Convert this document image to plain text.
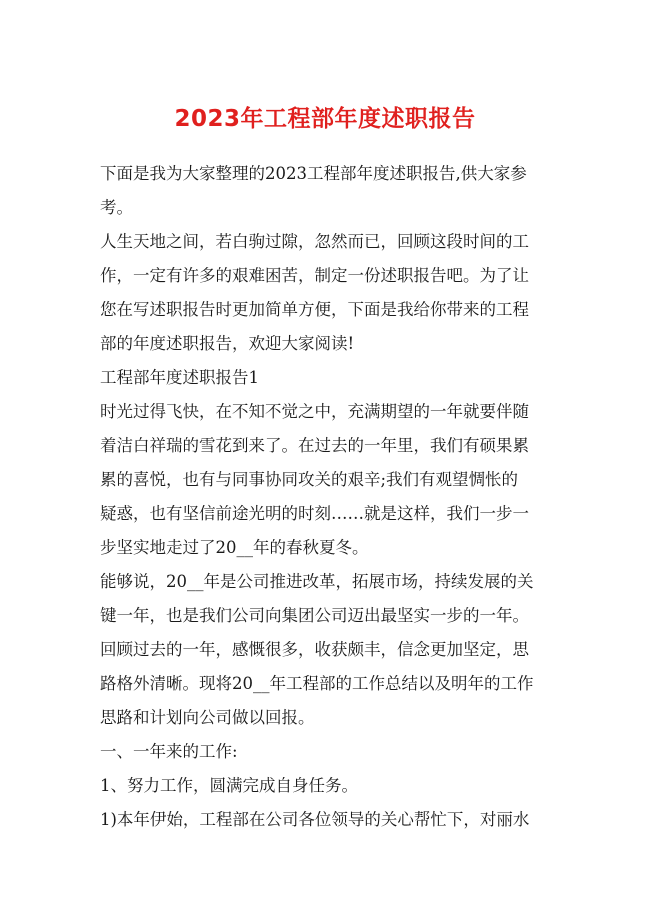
2023年工程部年度述职报告
下面是我为大家整理的2023工程部年度述职报告,供大家参
考。
人生天地之间，若白驹过隙，忽然而已，回顾这段时间的工
作，一定有许多的艰难困苦，制定一份述职报告吧。为了让
您在写述职报告时更加简单方便，下面是我给你带来的工程
部的年度述职报告，欢迎大家阅读!
工程部年度述职报告1
时光过得飞快，在不知不觉之中，充满期望的一年就要伴随
着洁白祥瑞的雪花到来了。在过去的一年里，我们有硕果累
累的喜悦，也有与同事协同攻关的艰辛;我们有观望惆怅的
疑惑，也有坚信前途光明的时刻……就是这样，我们一步一
步坚实地走过了20__年的春秋夏冬。
能够说，20__年是公司推进改革，拓展市场，持续发展的关
键一年，也是我们公司向集团公司迈出最坚实一步的一年。
回顾过去的一年，感慨很多，收获颇丰，信念更加坚定，思
路格外清晰。现将20__年工程部的工作总结以及明年的工作
思路和计划向公司做以回报。
一、一年来的工作:
1、努力工作，圆满完成自身任务。
1)本年伊始，工程部在公司各位领导的关心帮忙下，对丽水
